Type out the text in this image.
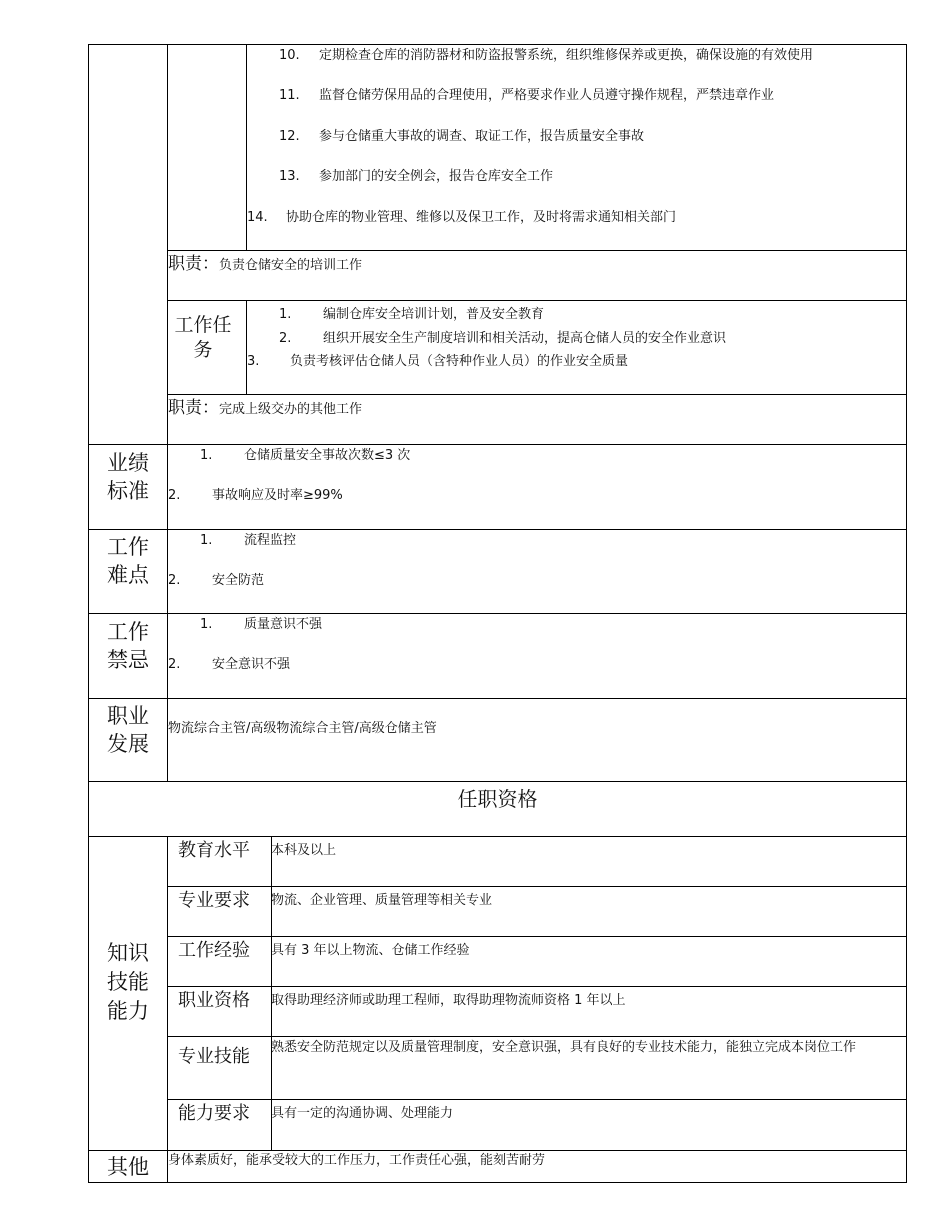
10. 定期检查仓库的消防器材和防盗报警系统，组织维修保养或更换，确保设施的有效使用
11. 监督仓储劳保用品的合理使用，严格要求作业人员遵守操作规程，严禁违章作业
12. 参与仓储重大事故的调查、取证工作，报告质量安全事故
13. 参加部门的安全例会，报告仓库安全工作
14. 协助仓库的物业管理、维修以及保卫工作，及时将需求通知相关部门
职责：负责仓储安全的培训工作
工作任务
1. 编制仓库安全培训计划，普及安全教育
2. 组织开展安全生产制度培训和相关活动，提高仓储人员的安全作业意识
3. 负责考核评估仓储人员（含特种作业人员）的作业安全质量
职责：完成上级交办的其他工作
业绩标准
1. 仓储质量安全事故次数≤3 次
2. 事故响应及时率≥99%
工作难点
1. 流程监控
2. 安全防范
工作禁忌
1. 质量意识不强
2. 安全意识不强
职业发展
物流综合主管/高级物流综合主管/高级仓储主管
任职资格
知识技能能力
教育水平 本科及以上
专业要求 物流、企业管理、质量管理等相关专业
工作经验 具有 3 年以上物流、仓储工作经验
职业资格 取得助理经济师或助理工程师，取得助理物流师资格 1 年以上
专业技能 熟悉安全防范规定以及质量管理制度，安全意识强，具有良好的专业技术能力，能独立完成本岗位工作
能力要求 具有一定的沟通协调、处理能力
其他	身体素质好，能承受较大的工作压力，工作责任心强，能刻苦耐劳
